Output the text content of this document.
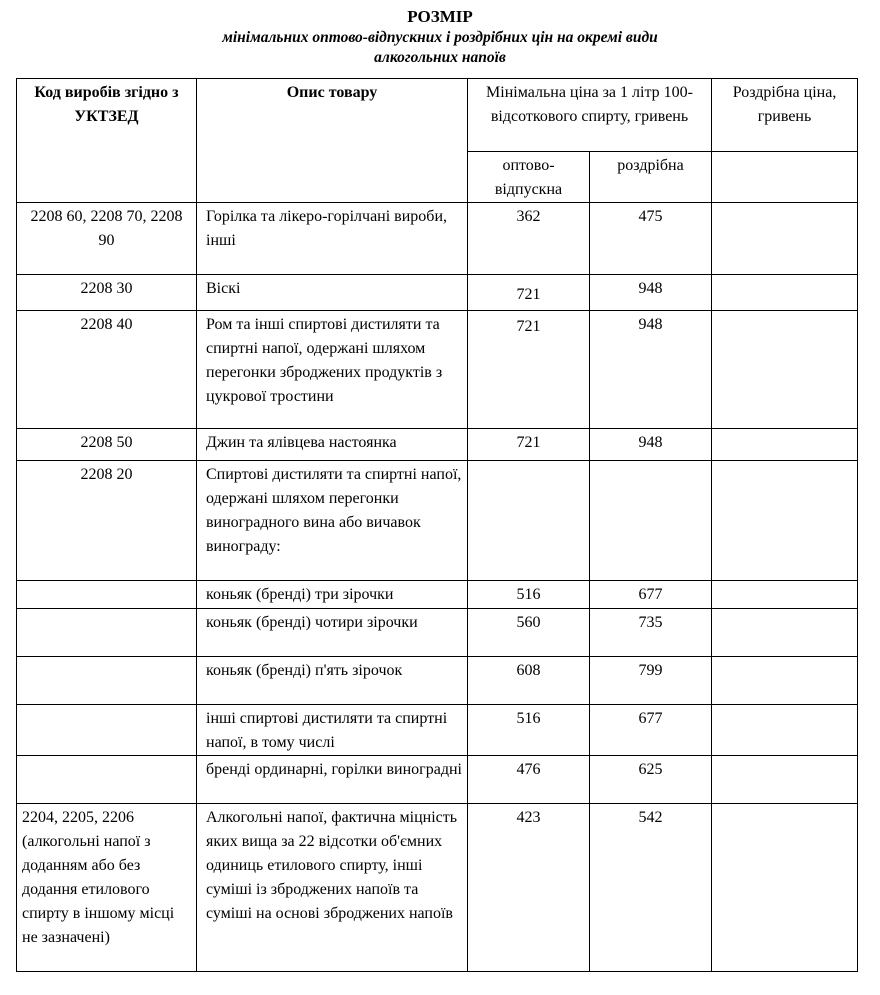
РОЗМІР
мінімальних оптово-відпускних і роздрібних цін на окремі види
алкогольних напоїв
Код виробів згідно з УКТЗЕД	Опис товару	Мінімальна ціна за 1 літр 100-відсоткового спирту, гривень		Роздрібна ціна, гривень
		оптово-відпускна	роздрібна	
2208 60, 2208 70, 2208 90	Горілка та лікеро-горілчані вироби, інші	362	475	
2208 30	Віскі	721	948	
2208 40	Ром та інші спиртові дистиляти та спиртні напої, одержані шляхом перегонки зброджених продуктів з цукрової тростини	721	948	
2208 50	Джин та ялівцева настоянка	721	948	
2208 20	Спиртові дистиляти та спиртні напої, одержані шляхом перегонки виноградного вина або вичавок винограду:			
	коньяк (бренді) три зірочки	516	677	
	коньяк (бренді) чотири зірочки	560	735	
	коньяк (бренді) п'ять зірочок	608	799	
	інші спиртові дистиляти та спиртні напої, в тому числі	516	677	
	бренді ординарні, горілки виноградні	476	625	
2204, 2205, 2206 (алкогольні напої з доданням або без додання етилового спирту в іншому місці не зазначені)	Алкогольні напої, фактична міцність яких вища за 22 відсотки об'ємних одиниць етилового спирту, інші суміші із зброджених напоїв та суміші на основі зброджених напоїв	423	542	
